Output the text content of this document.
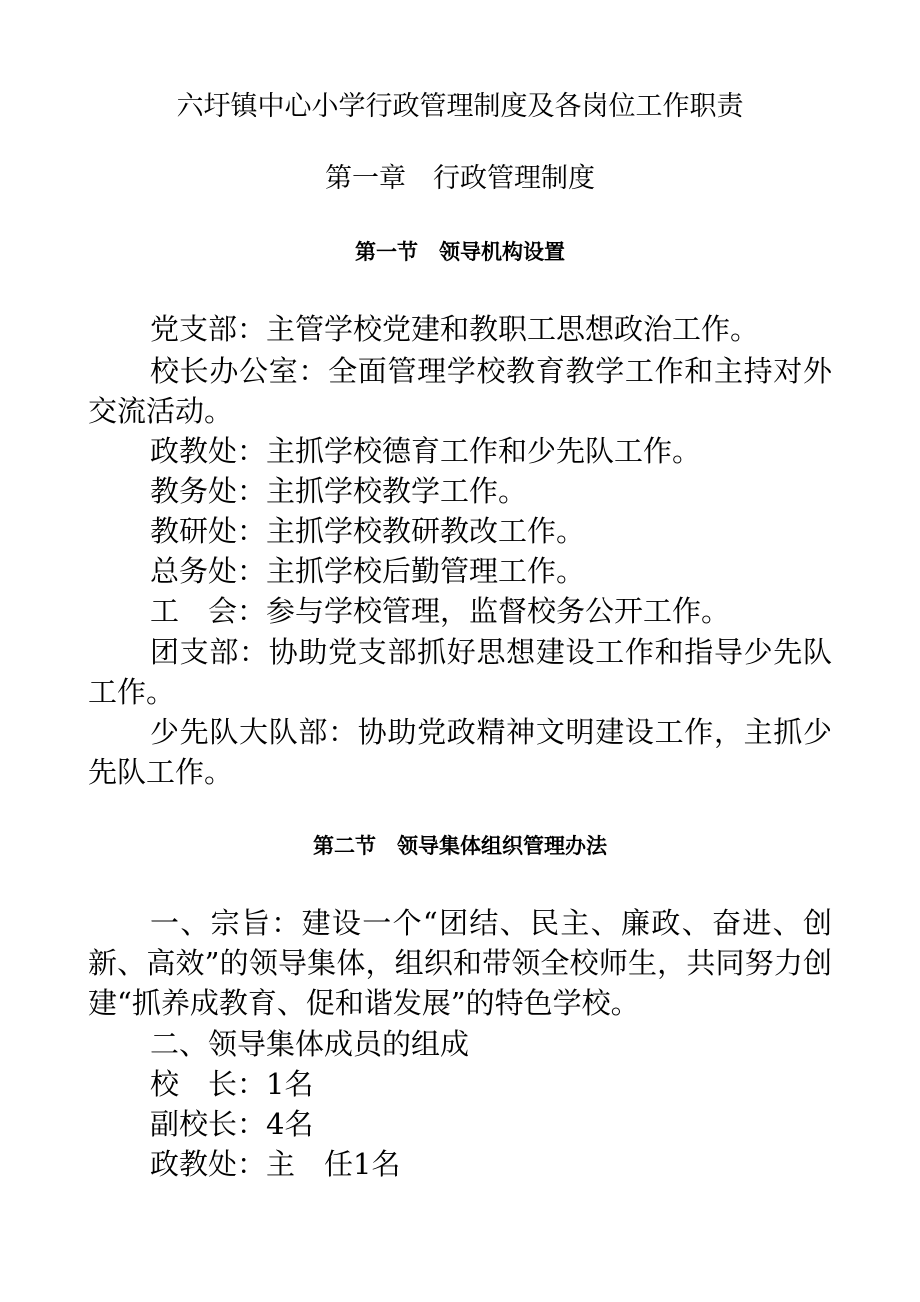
六圩镇中心小学行政管理制度及各岗位工作职责
第一章　行政管理制度
第一节　领导机构设置

党支部：主管学校党建和教职工思想政治工作。

校长办公室：全面管理学校教育教学工作和主持对外交流活动。

政教处：主抓学校德育工作和少先队工作。

教务处：主抓学校教学工作。

教研处：主抓学校教研教改工作。

总务处：主抓学校后勤管理工作。

工　会：参与学校管理，监督校务公开工作。

团支部：协助党支部抓好思想建设工作和指导少先队工作。

少先队大队部：协助党政精神文明建设工作，主抓少先队工作。

第二节　领导集体组织管理办法

一、宗旨：建设一个“团结、民主、廉政、奋进、创新、高效”的领导集体，组织和带领全校师生，共同努力创建“抓养成教育、促和谐发展”的特色学校。

二、领导集体成员的组成

校　长：1名

副校长：4名

政教处：主　任1名
